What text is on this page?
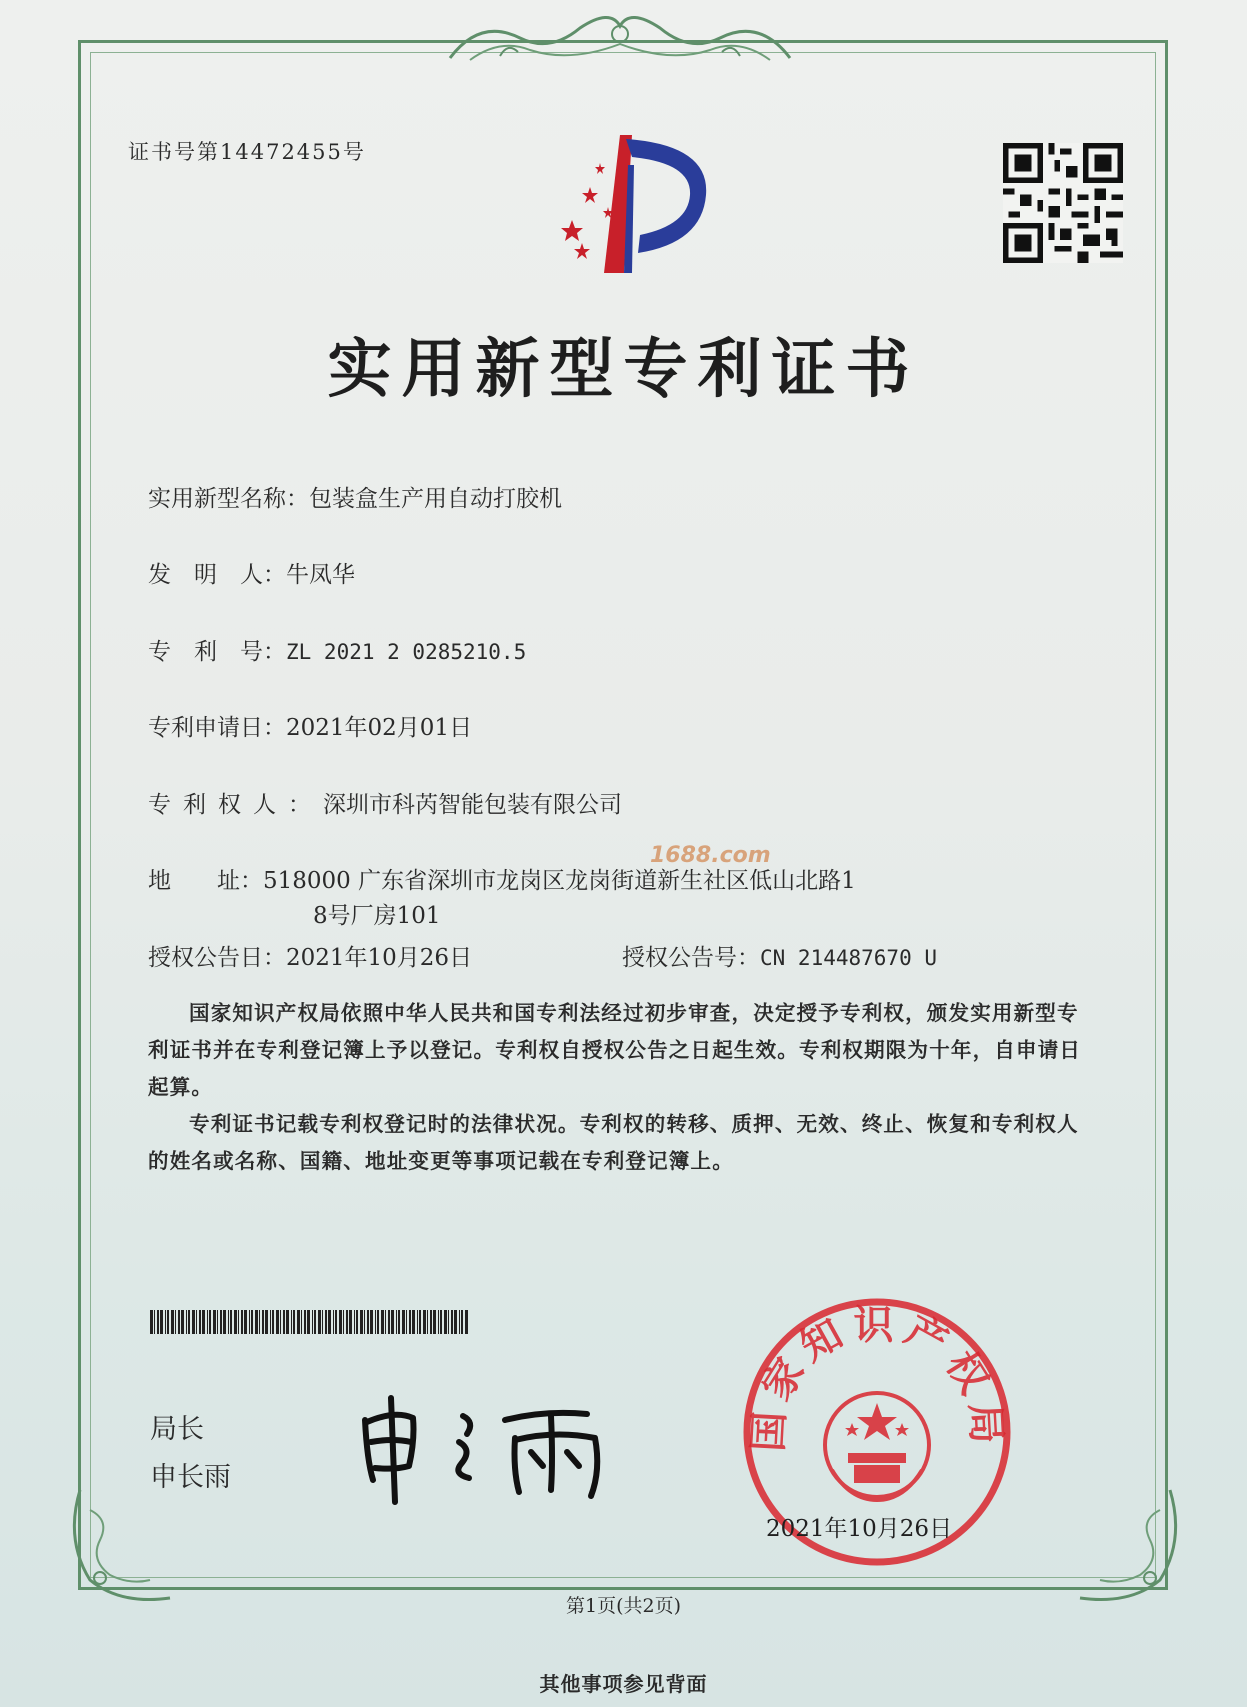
证书号第14472455号
实用新型专利证书
实用新型名称：包装盒生产用自动打胶机
发　明　人：牛凤华
专　利　号：ZL 2021 2 0285210.5
专利申请日：2021年02月01日
专利权人：深圳市科芮智能包装有限公司
地　　址：518000 广东省深圳市龙岗区龙岗街道新生社区低山北路1
8号厂房101
授权公告日：2021年10月26日	授权公告号：CN 214487670 U
1688.com

国家知识产权局依照中华人民共和国专利法经过初步审查，决定授予专利权，颁发实用新型专利证书并在专利登记簿上予以登记。专利权自授权公告之日起生效。专利权期限为十年，自申请日起算。

专利证书记载专利权登记时的法律状况。专利权的转移、质押、无效、终止、恢复和专利权人的姓名或名称、国籍、地址变更等事项记载在专利登记簿上。

局长
申长雨
国家知识产权局
2021年10月26日
第1页(共2页)
其他事项参见背面
